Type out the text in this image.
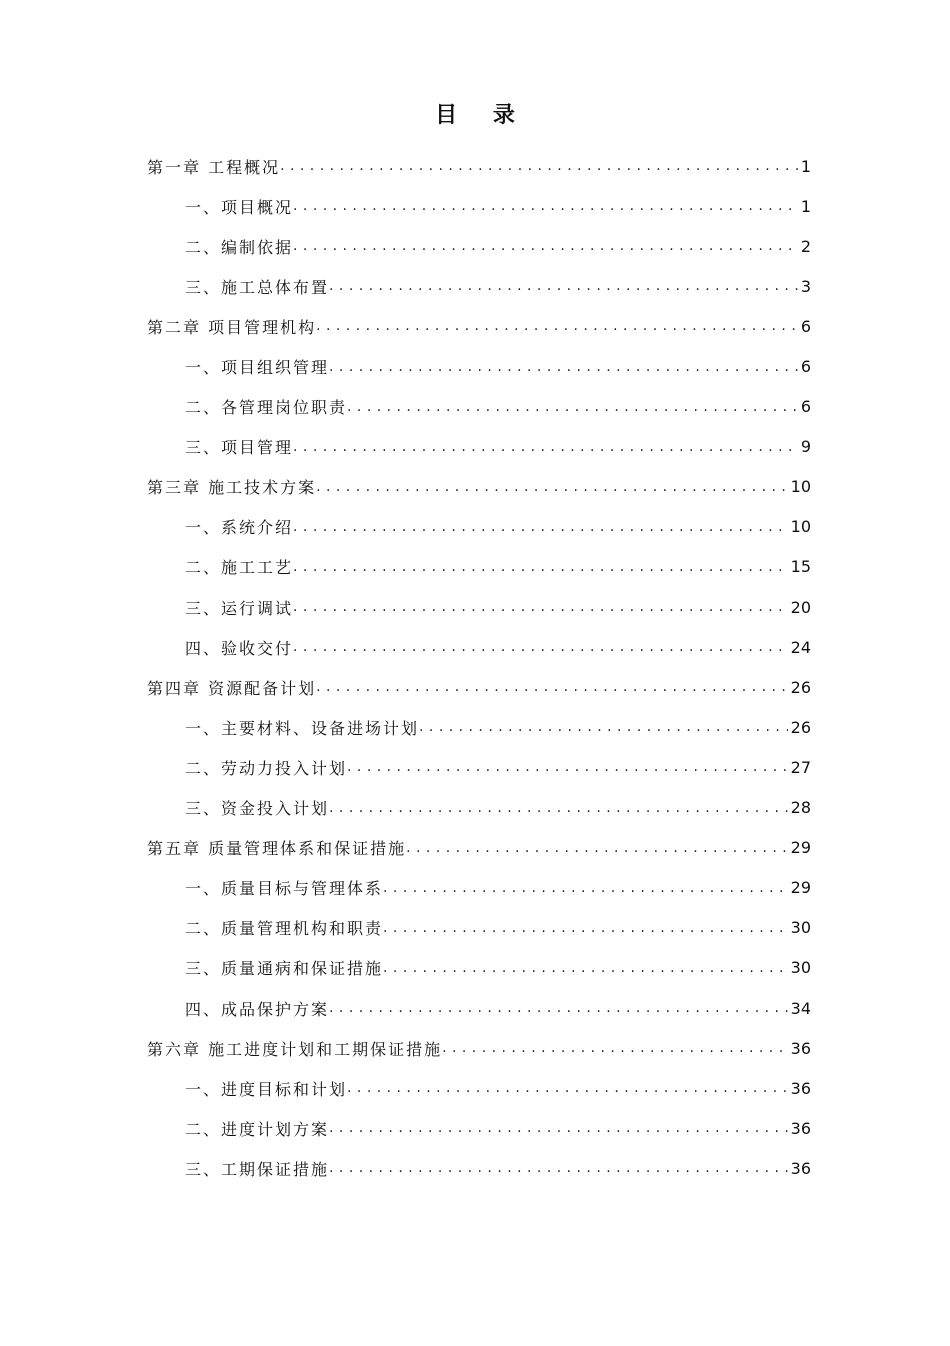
目 录
第一章 工程概况 . . .	1
一、项目概况 . . .	1
二、编制依据 . . .	2
三、施工总体布置 . . .	3
第二章 项目管理机构 . . .	6
一、项目组织管理 . . .	6
二、各管理岗位职责 . . .	6
三、项目管理 . . .	9
第三章 施工技术方案 . . .	10
一、系统介绍 . . .	10
二、施工工艺 . . .	15
三、运行调试 . . .	20
四、验收交付 . . .	24
第四章 资源配备计划 . . .	26
一、主要材料、设备进场计划 . . .	26
二、劳动力投入计划 . . .	27
三、资金投入计划 . . .	28
第五章 质量管理体系和保证措施 . . .	29
一、质量目标与管理体系 . . .	29
二、质量管理机构和职责 . . .	30
三、质量通病和保证措施 . . .	30
四、成品保护方案 . . .	34
第六章 施工进度计划和工期保证措施 . . .	36
一、进度目标和计划 . . .	36
二、进度计划方案 . . .	36
三、工期保证措施 . . .	36
